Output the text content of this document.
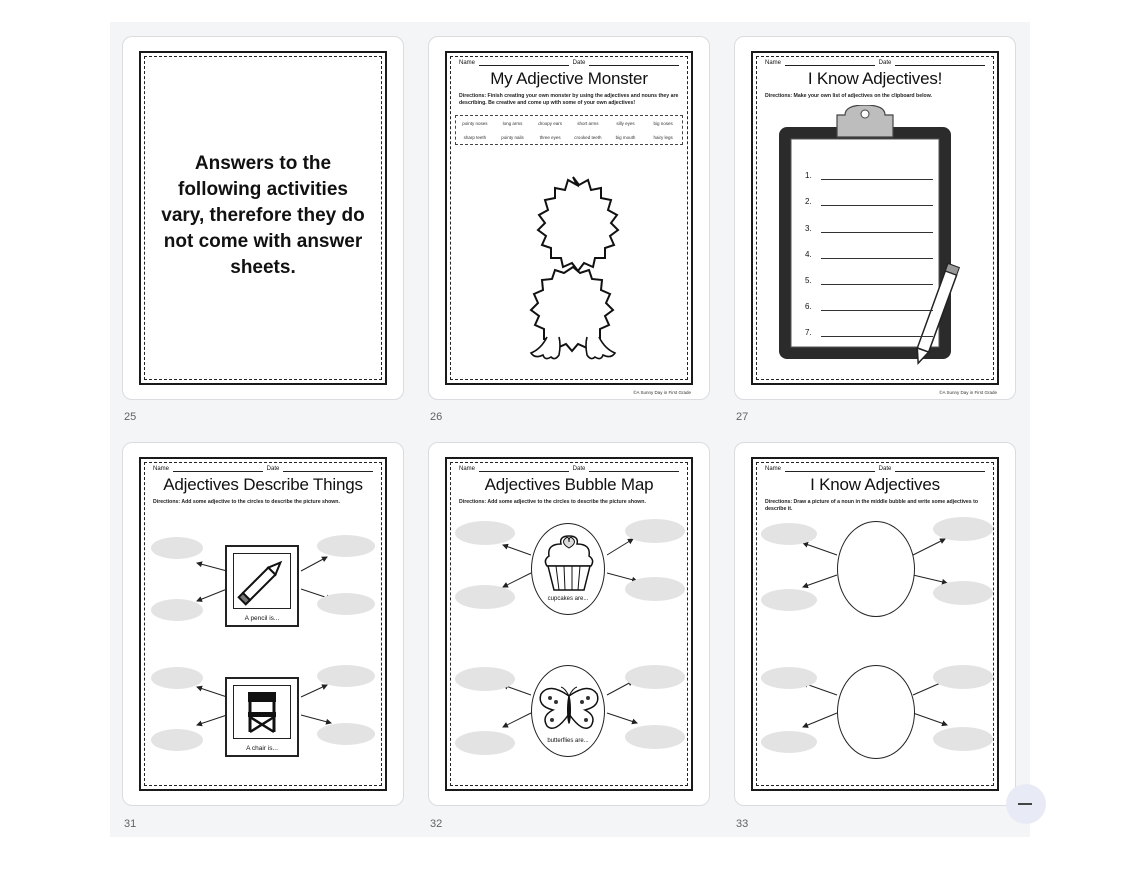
Answers to the following activities vary, therefore they do not come with answer sheets.
25
Name	Date
My Adjective Monster
Directions: Finish creating your own monster by using the adjectives and nouns they are describing. Be creative and come up with some of your own adjectives!
pointy noses	long arms	droopy ears	short arms	silly eyes	big noses
sharp teeth	pointy nails	three eyes	crooked teeth	big mouth	hairy legs
©A Sunny Day in First Grade
26
Name	Date
I Know Adjectives!
Directions: Make your own list of adjectives on the clipboard below.
1.
2.
3.
4.
5.
6.
7.
©A Sunny Day in First Grade
27
Name	Date
Adjectives Describe Things
Directions: Add some adjective to the circles to describe the picture shown.
A pencil is...
A chair is...
31
Name	Date
Adjectives Bubble Map
Directions: Add some adjective to the circles to describe the picture shown.
cupcakes are...
butterflies are...
32
Name	Date
I Know Adjectives
Directions: Draw a picture of a noun in the middle bubble and write some adjectives to describe it.
33
